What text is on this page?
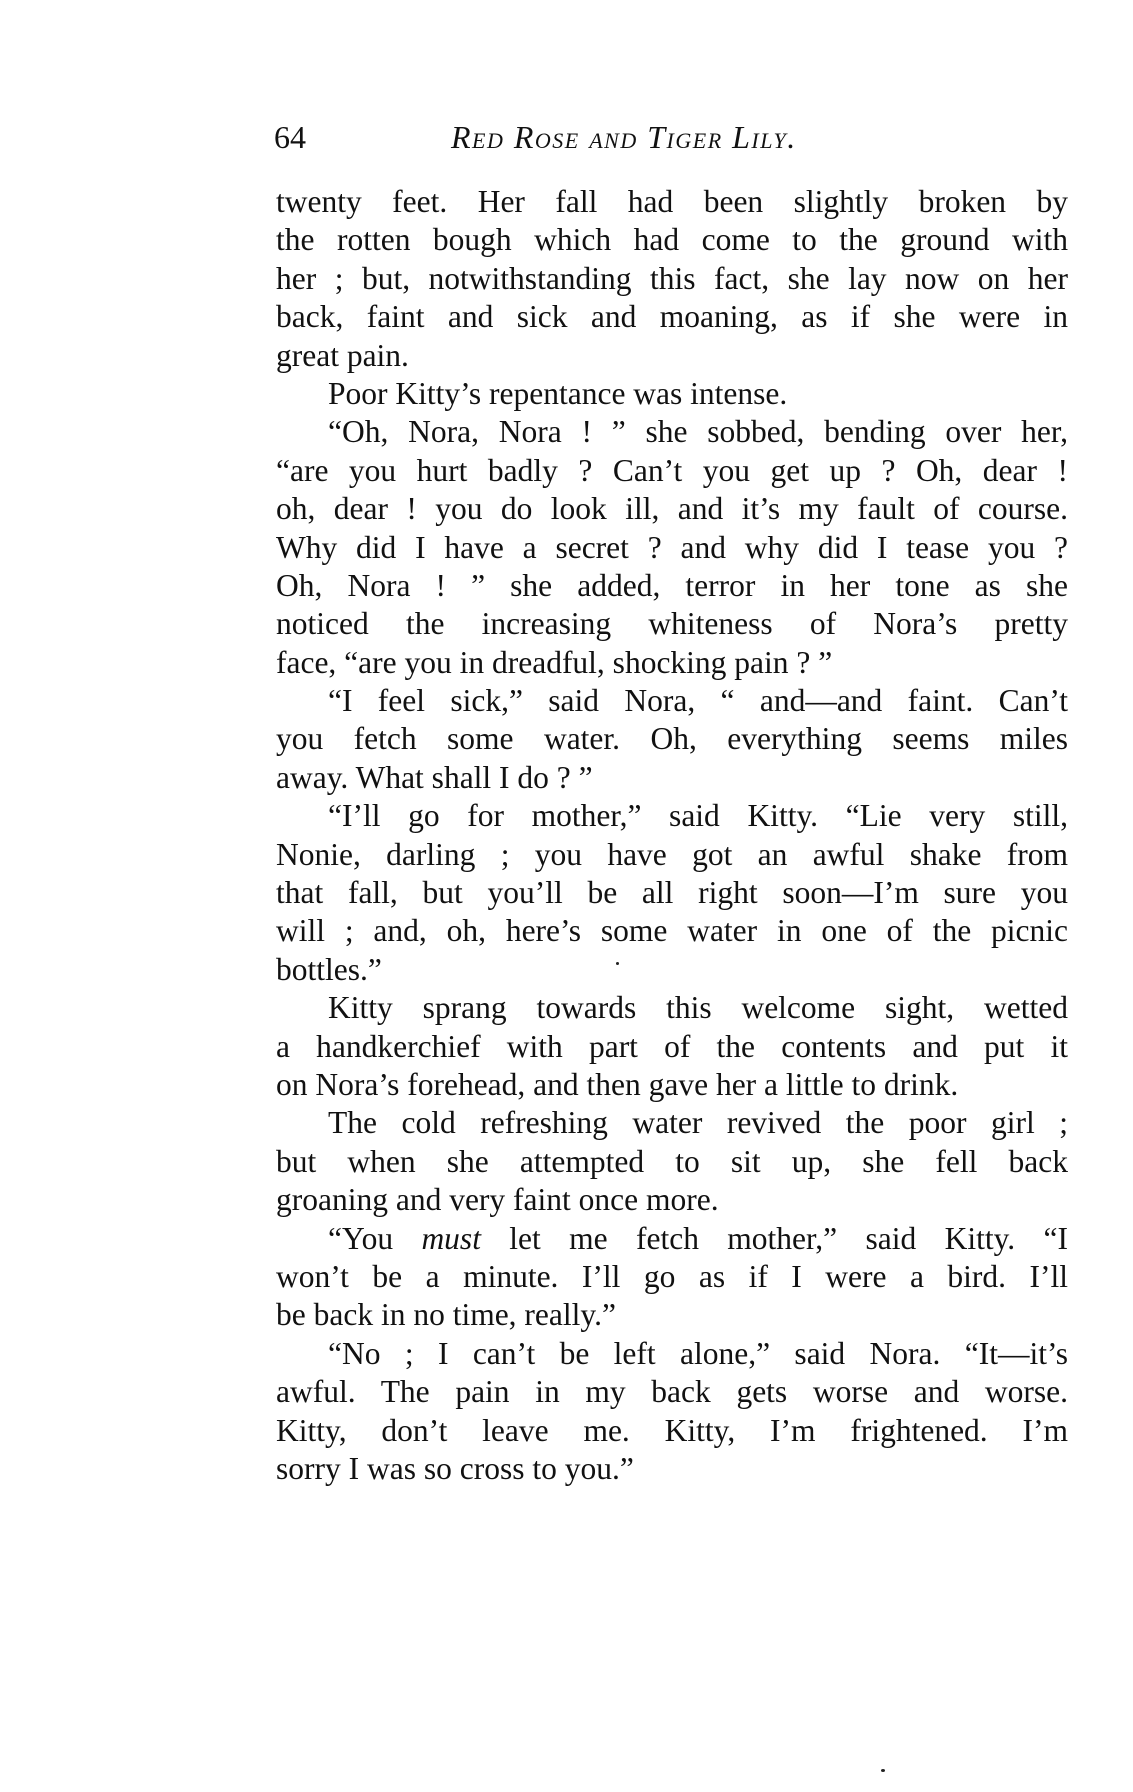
64	Red Rose and Tiger Lily.
twenty feet. Her fall had been slightly broken by
the rotten bough which had come to the ground with
her ; but, notwithstanding this fact, she lay now on her
back, faint and sick and moaning, as if she were in
great pain.
Poor Kitty’s repentance was intense.
“Oh, Nora, Nora ! ” she sobbed, bending over her,
“are you hurt badly ? Can’t you get up ? Oh, dear !
oh, dear ! you do look ill, and it’s my fault of course.
Why did I have a secret ? and why did I tease you ?
Oh, Nora ! ” she added, terror in her tone as she
noticed the increasing whiteness of Nora’s pretty
face, “are you in dreadful, shocking pain ? ”
“I feel sick,” said Nora, “ and—and faint. Can’t
you fetch some water. Oh, everything seems miles
away. What shall I do ? ”
“I’ll go for mother,” said Kitty. “Lie very still,
Nonie, darling ; you have got an awful shake from
that fall, but you’ll be all right soon—I’m sure you
will ; and, oh, here’s some water in one of the picnic
bottles.”
Kitty sprang towards this welcome sight, wetted
a handkerchief with part of the contents and put it
on Nora’s forehead, and then gave her a little to drink.
The cold refreshing water revived the poor girl ;
but when she attempted to sit up, she fell back
groaning and very faint once more.
“You must let me fetch mother,” said Kitty. “I
won’t be a minute. I’ll go as if I were a bird. I’ll
be back in no time, really.”
“No ; I can’t be left alone,” said Nora. “It—it’s
awful. The pain in my back gets worse and worse.
Kitty, don’t leave me. Kitty, I’m frightened. I’m
sorry I was so cross to you.”
